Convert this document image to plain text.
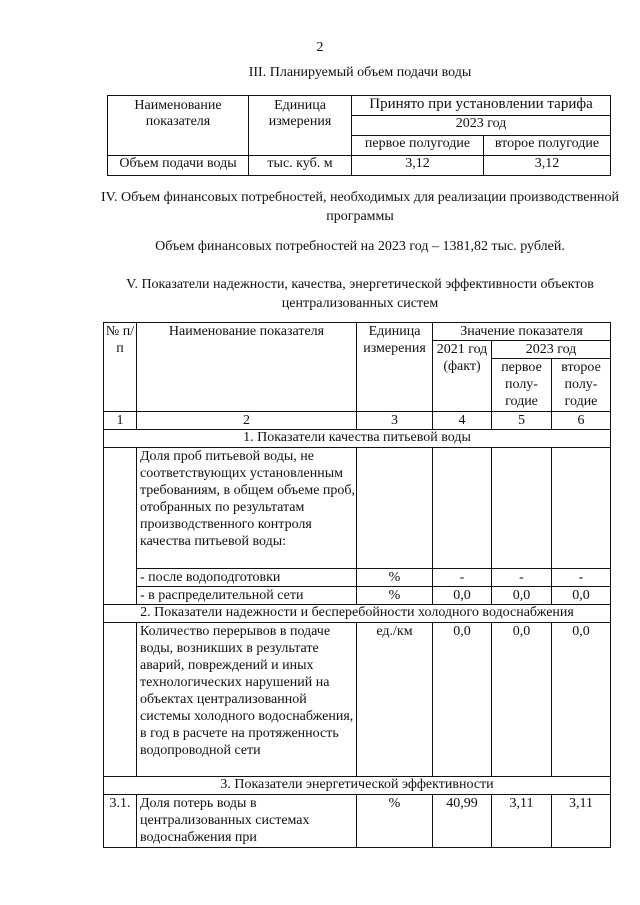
2
III. Планируемый объем подачи воды
Наименование показателя	Единица измерения	Принято при установлении тарифа	
		2023 год	
		первое полугодие	второе полугодие
Объем подачи воды	тыс. куб. м	3,12	3,12
IV. Объем финансовых потребностей, необходимых для реализации производственной программы
Объем финансовых потребностей на 2023 год – 1381,82 тыс. рублей.
V. Показатели надежности, качества, энергетической эффективности объектов централизованных систем
№ п/п	Наименование показателя	Единица измерения	Значение показателя		
			2021 год (факт)	2023 год	
				первое полу-годие	второе полу-годие
1	2	3	4	5	6
1. Показатели качества питьевой воды					
	Доля проб питьевой воды, не соответствующих установленным требованиям, в общем объеме проб, отобранных по результатам производственного контроля качества питьевой воды:				
	- после водоподготовки	%	-	-	-
	- в распределительной сети	%	0,0	0,0	0,0
2. Показатели надежности и бесперебойности холодного водоснабжения					
	Количество перерывов в подаче воды, возникших в результате аварий, повреждений и иных технологических нарушений на объектах централизованной системы холодного водоснабжения, в год в расчете на протяженность водопроводной сети	ед./км	0,0	0,0	0,0
3. Показатели энергетической эффективности					
3.1.	Доля потерь воды в централизованных системах водоснабжения при	%	40,99	3,11	3,11
